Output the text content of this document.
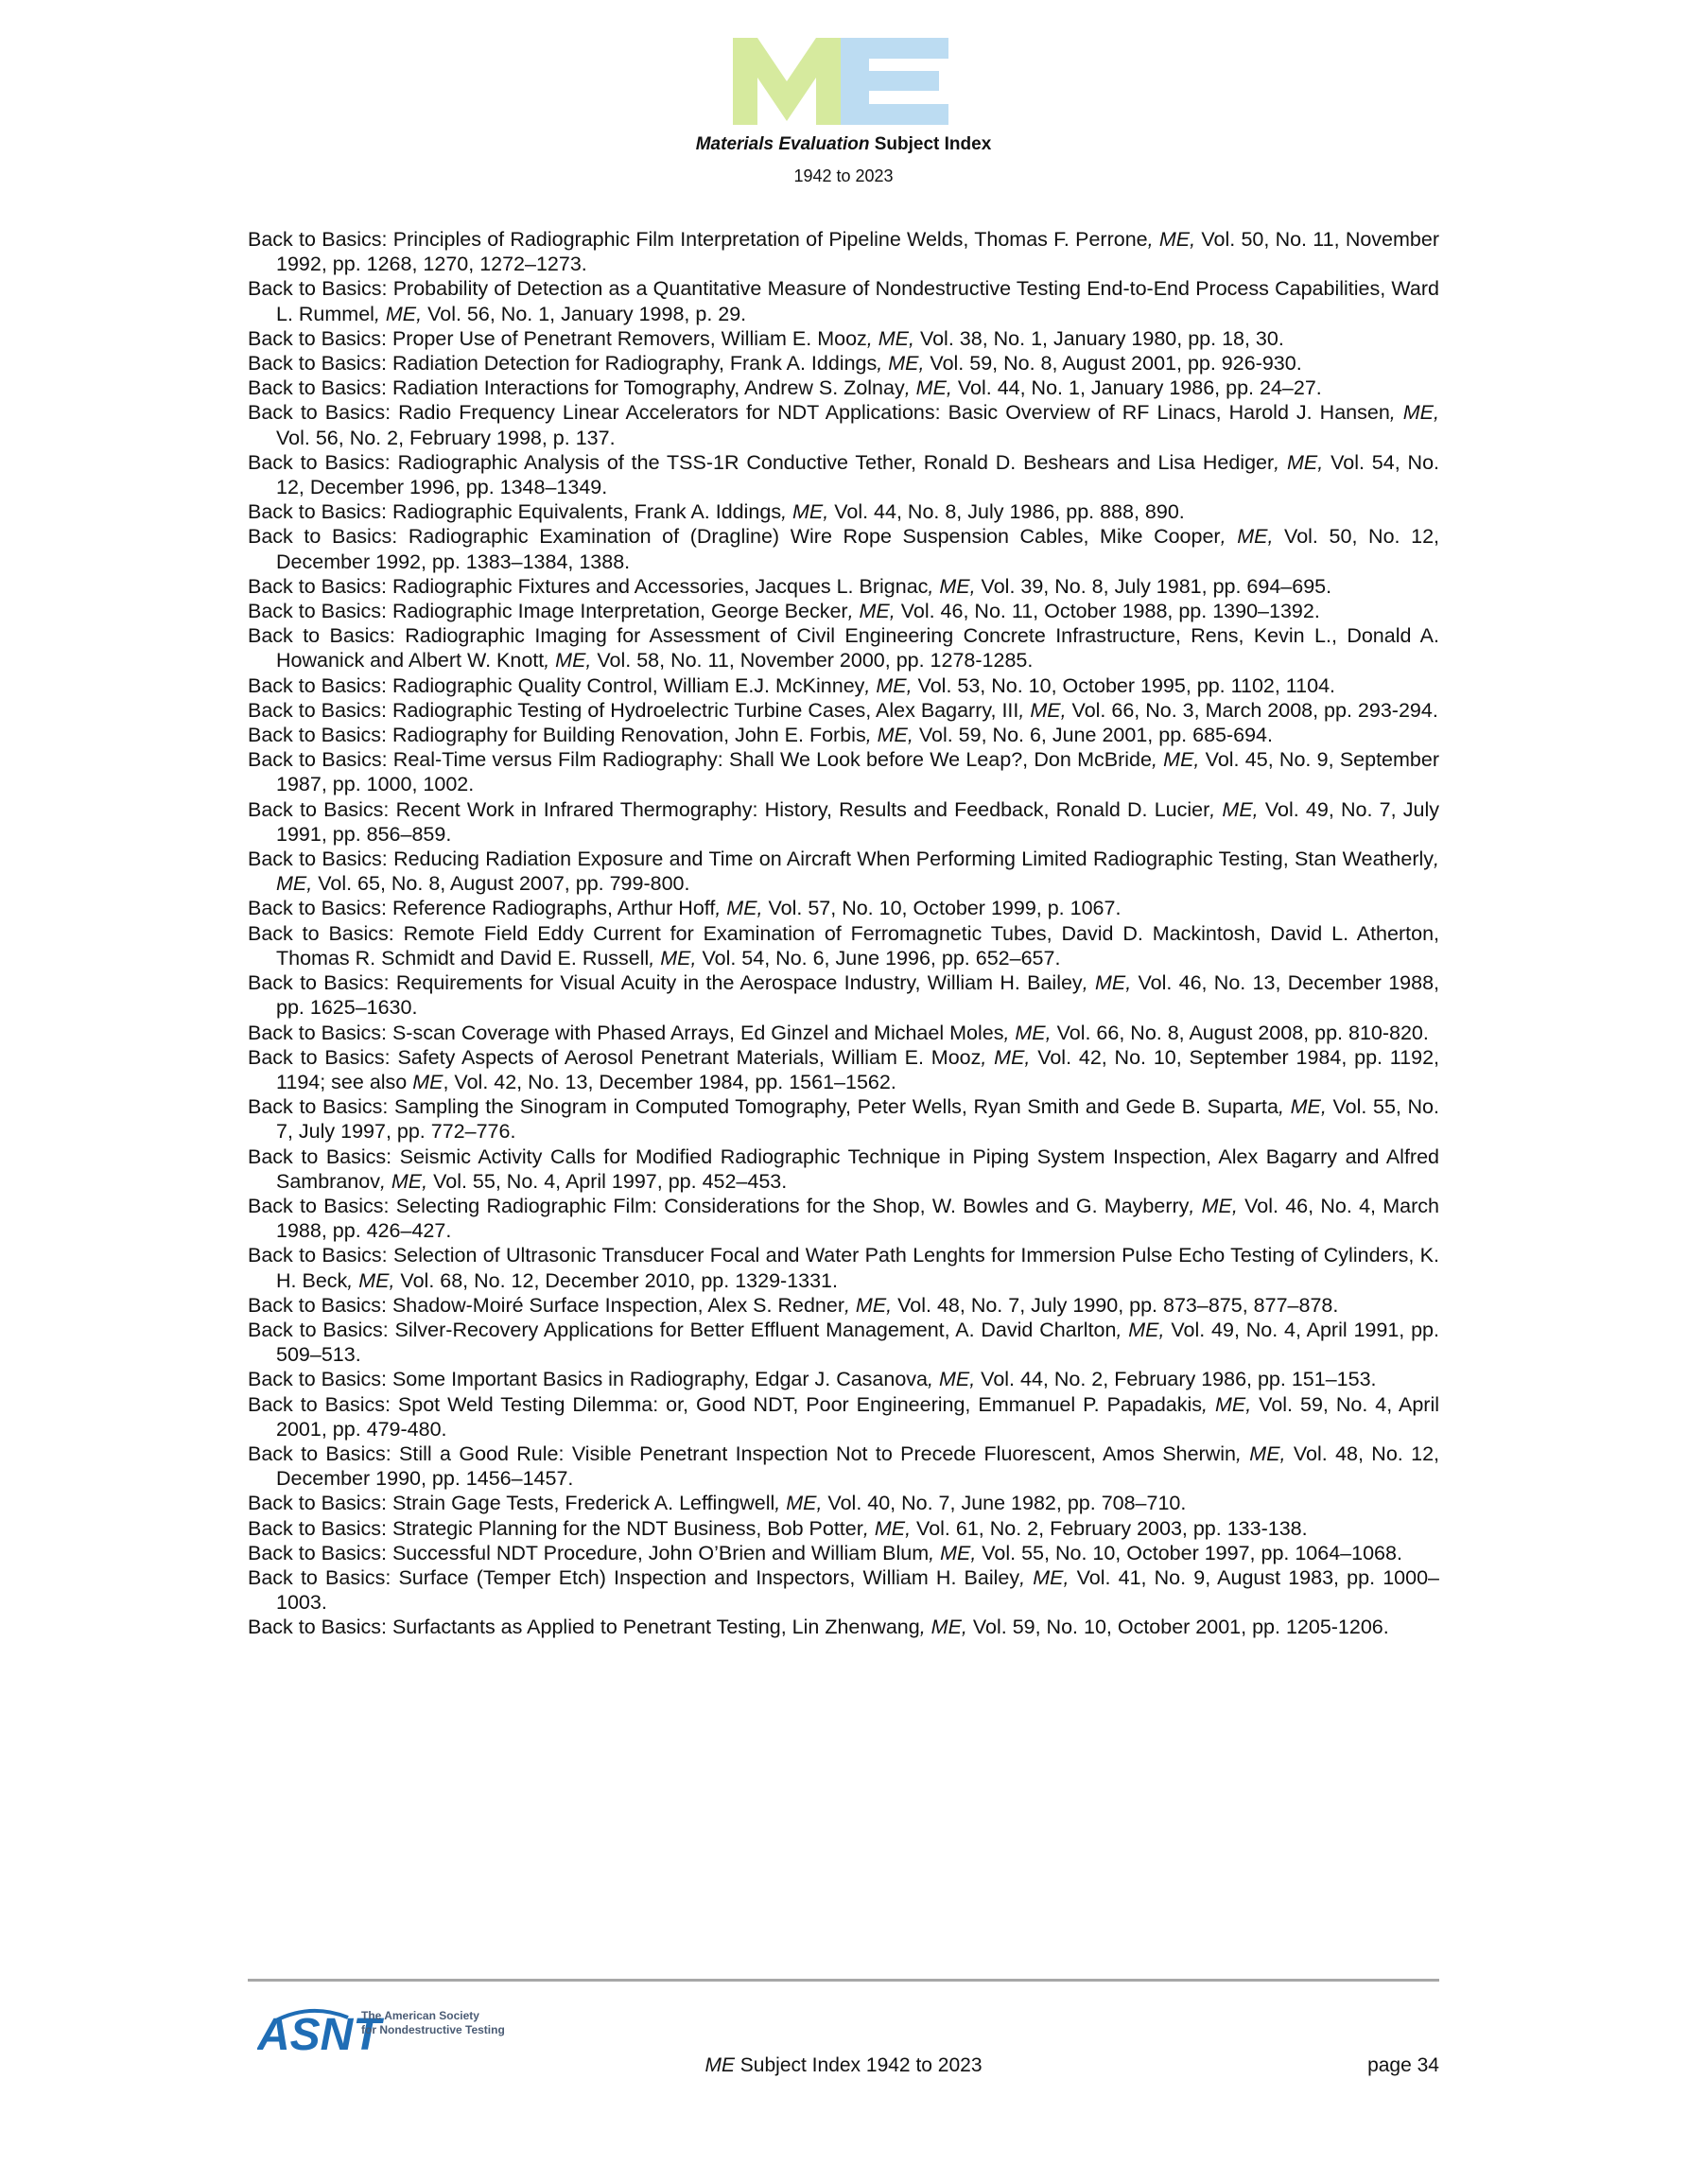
Materials Evaluation Subject Index
1942 to 2023
Back to Basics: Principles of Radiographic Film Interpretation of Pipeline Welds, Thomas F. Perrone, ME, Vol. 50, No. 11, November 1992, pp. 1268, 1270, 1272–1273.
Back to Basics: Probability of Detection as a Quantitative Measure of Nondestructive Testing End-to-End Process Capabilities, Ward L. Rummel, ME, Vol. 56, No. 1, January 1998, p. 29.
Back to Basics: Proper Use of Penetrant Removers, William E. Mooz, ME, Vol. 38, No. 1, January 1980, pp. 18, 30.
Back to Basics: Radiation Detection for Radiography, Frank A. Iddings, ME, Vol. 59, No. 8, August 2001, pp. 926-930.
Back to Basics: Radiation Interactions for Tomography, Andrew S. Zolnay, ME, Vol. 44, No. 1, January 1986, pp. 24–27.
Back to Basics: Radio Frequency Linear Accelerators for NDT Applications: Basic Overview of RF Linacs, Harold J. Hansen, ME, Vol. 56, No. 2, February 1998, p. 137.
Back to Basics: Radiographic Analysis of the TSS-1R Conductive Tether, Ronald D. Beshears and Lisa Hediger, ME, Vol. 54, No. 12, December 1996, pp. 1348–1349.
Back to Basics: Radiographic Equivalents, Frank A. Iddings, ME, Vol. 44, No. 8, July 1986, pp. 888, 890.
Back to Basics: Radiographic Examination of (Dragline) Wire Rope Suspension Cables, Mike Cooper, ME, Vol. 50, No. 12, December 1992, pp. 1383–1384, 1388.
Back to Basics: Radiographic Fixtures and Accessories, Jacques L. Brignac, ME, Vol. 39, No. 8, July 1981, pp. 694–695.
Back to Basics: Radiographic Image Interpretation, George Becker, ME, Vol. 46, No. 11, October 1988, pp. 1390–1392.
Back to Basics: Radiographic Imaging for Assessment of Civil Engineering Concrete Infrastructure, Rens, Kevin L., Donald A. Howanick and Albert W. Knott, ME, Vol. 58, No. 11, November 2000, pp. 1278-1285.
Back to Basics: Radiographic Quality Control, William E.J. McKinney, ME, Vol. 53, No. 10, October 1995, pp. 1102, 1104.
Back to Basics: Radiographic Testing of Hydroelectric Turbine Cases, Alex Bagarry, III, ME, Vol. 66, No. 3, March 2008, pp. 293-294.
Back to Basics: Radiography for Building Renovation, John E. Forbis, ME, Vol. 59, No. 6, June 2001, pp. 685-694.
Back to Basics: Real-Time versus Film Radiography: Shall We Look before We Leap?, Don McBride, ME, Vol. 45, No. 9, September 1987, pp. 1000, 1002.
Back to Basics: Recent Work in Infrared Thermography: History, Results and Feedback, Ronald D. Lucier, ME, Vol. 49, No. 7, July 1991, pp. 856–859.
Back to Basics: Reducing Radiation Exposure and Time on Aircraft When Performing Limited Radiographic Testing, Stan Weatherly, ME, Vol. 65, No. 8, August 2007, pp. 799-800.
Back to Basics: Reference Radiographs, Arthur Hoff, ME, Vol. 57, No. 10, October 1999, p. 1067.
Back to Basics: Remote Field Eddy Current for Examination of Ferromagnetic Tubes, David D. Mackintosh, David L. Atherton, Thomas R. Schmidt and David E. Russell, ME, Vol. 54, No. 6, June 1996, pp. 652–657.
Back to Basics: Requirements for Visual Acuity in the Aerospace Industry, William H. Bailey, ME, Vol. 46, No. 13, December 1988, pp. 1625–1630.
Back to Basics: S-scan Coverage with Phased Arrays, Ed Ginzel and Michael Moles, ME, Vol. 66, No. 8, August 2008, pp. 810-820.
Back to Basics: Safety Aspects of Aerosol Penetrant Materials, William E. Mooz, ME, Vol. 42, No. 10, September 1984, pp. 1192, 1194; see also ME, Vol. 42, No. 13, December 1984, pp. 1561–1562.
Back to Basics: Sampling the Sinogram in Computed Tomography, Peter Wells, Ryan Smith and Gede B. Suparta, ME, Vol. 55, No. 7, July 1997, pp. 772–776.
Back to Basics: Seismic Activity Calls for Modified Radiographic Technique in Piping System Inspection, Alex Bagarry and Alfred Sambranov, ME, Vol. 55, No. 4, April 1997, pp. 452–453.
Back to Basics: Selecting Radiographic Film: Considerations for the Shop, W. Bowles and G. Mayberry, ME, Vol. 46, No. 4, March 1988, pp. 426–427.
Back to Basics: Selection of Ultrasonic Transducer Focal and Water Path Lenghts for Immersion Pulse Echo Testing of Cylinders, K. H. Beck, ME, Vol. 68, No. 12, December 2010, pp. 1329-1331.
Back to Basics: Shadow-Moiré Surface Inspection, Alex S. Redner, ME, Vol. 48, No. 7, July 1990, pp. 873–875, 877–878.
Back to Basics: Silver-Recovery Applications for Better Effluent Management, A. David Charlton, ME, Vol. 49, No. 4, April 1991, pp. 509–513.
Back to Basics: Some Important Basics in Radiography, Edgar J. Casanova, ME, Vol. 44, No. 2, February 1986, pp. 151–153.
Back to Basics: Spot Weld Testing Dilemma: or, Good NDT, Poor Engineering, Emmanuel P. Papadakis, ME, Vol. 59, No. 4, April 2001, pp. 479-480.
Back to Basics: Still a Good Rule: Visible Penetrant Inspection Not to Precede Fluorescent, Amos Sherwin, ME, Vol. 48, No. 12, December 1990, pp. 1456–1457.
Back to Basics: Strain Gage Tests, Frederick A. Leffingwell, ME, Vol. 40, No. 7, June 1982, pp. 708–710.
Back to Basics: Strategic Planning for the NDT Business, Bob Potter, ME, Vol. 61, No. 2, February 2003, pp. 133-138.
Back to Basics: Successful NDT Procedure, John O’Brien and William Blum, ME, Vol. 55, No. 10, October 1997, pp. 1064–1068.
Back to Basics: Surface (Temper Etch) Inspection and Inspectors, William H. Bailey, ME, Vol. 41, No. 9, August 1983, pp. 1000–1003.
Back to Basics: Surfactants as Applied to Penetrant Testing, Lin Zhenwang, ME, Vol. 59, No. 10, October 2001, pp. 1205-1206.
ASNT
The American Society
for Nondestructive Testing
ME Subject Index 1942 to 2023	page 34
